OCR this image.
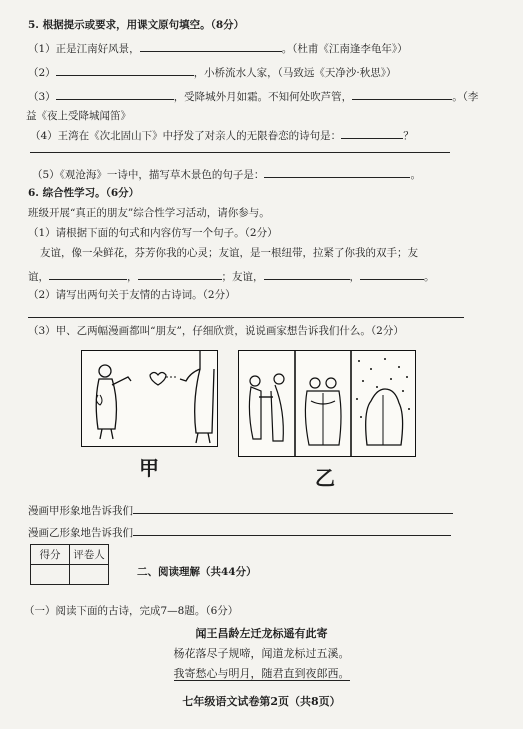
5. 根据提示或要求，用课文原句填空。（8分）
（1）正是江南好风景，	。（杜甫《江南逢李龟年》）
（2）	，小桥流水人家，（马致远《天净沙·秋思》）
（3）	，受降城外月如霜。不知何处吹芦管，	。（李
益《夜上受降城闻笛》
（4）王湾在《次北固山下》中抒发了对亲人的无限眷恋的诗句是：	？
（5）《观沧海》一诗中，描写草木景色的句子是：	。
6. 综合性学习。（6分）
班级开展“真正的朋友”综合性学习活动，请你参与。
（1）请根据下面的句式和内容仿写一个句子。（2分）
友谊，像一朵鲜花，芬芳你我的心灵；友谊，是一根纽带，拉紧了你我的双手；友
谊，	，	；友谊，	，	。
（2）请写出两句关于友情的古诗词。（2分）
（3）甲、乙两幅漫画都叫“朋友”，仔细欣赏，说说画家想告诉我们什么。（2分）
甲	乙
漫画甲形象地告诉我们
漫画乙形象地告诉我们
得分	评卷人

二、阅读理解（共44分）
（一）阅读下面的古诗，完成7—8题。（6分）
闻王昌龄左迁龙标遥有此寄
杨花落尽子规啼，闻道龙标过五溪。
我寄愁心与明月，随君直到夜郎西。
七年级语文试卷第2页（共8页）
